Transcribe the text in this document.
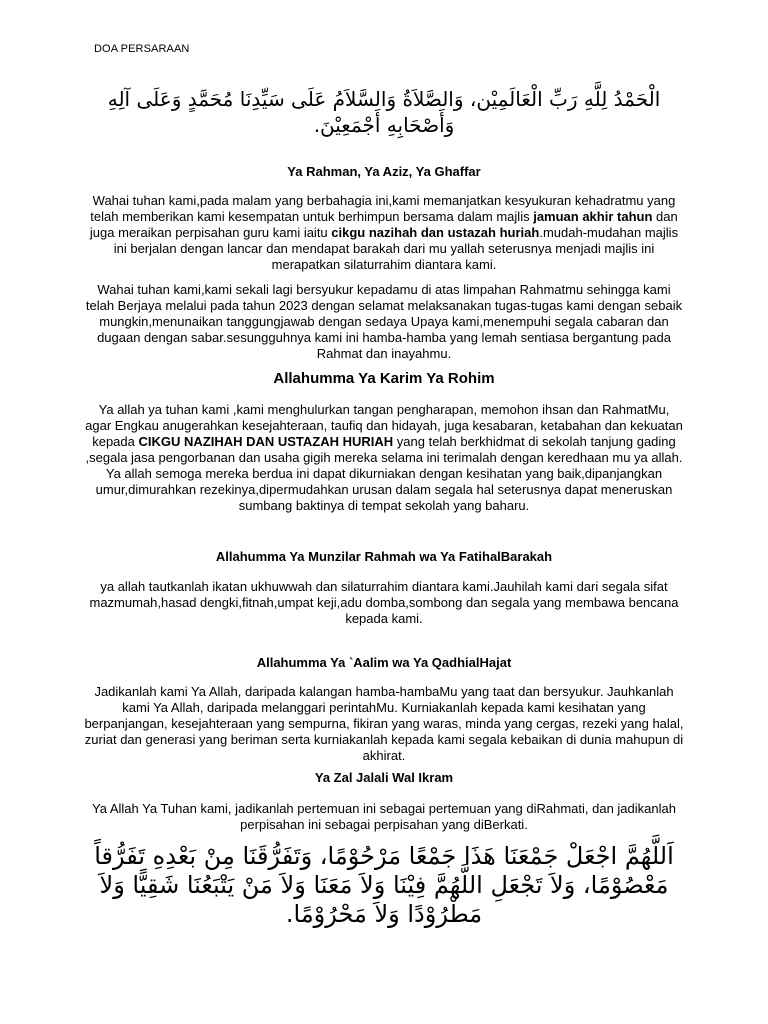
DOA PERSARAAN
الْحَمْدُ لِلَّهِ رَبِّ الْعَالَمِيْن، وَالصَّلاَةُ وَالسَّلاَمُ عَلَى سَيِّدِنَا مُحَمَّدٍ وَعَلَى آلِهِ وَأَصْحَابِهِ أَجْمَعِيْنَ.
Ya Rahman, Ya Aziz, Ya Ghaffar
Wahai tuhan kami,pada malam yang berbahagia ini,kami memanjatkan kesyukuran kehadratmu yang telah memberikan kami kesempatan untuk berhimpun bersama dalam majlis jamuan akhir tahun dan juga meraikan perpisahan guru kami iaitu cikgu nazihah dan ustazah huriah.mudah-mudahan majlis ini berjalan dengan lancar dan mendapat barakah dari mu yallah seterusnya menjadi majlis ini merapatkan silaturrahim diantara kami.
Wahai tuhan kami,kami sekali lagi bersyukur kepadamu di atas limpahan Rahmatmu sehingga kami telah Berjaya melalui pada tahun 2023 dengan selamat melaksanakan tugas-tugas kami dengan sebaik mungkin,menunaikan tanggungjawab dengan sedaya Upaya kami,menempuhi segala cabaran dan dugaan dengan sabar.sesungguhnya kami ini hamba-hamba yang lemah sentiasa bergantung pada Rahmat dan inayahmu.
Allahumma Ya Karim Ya Rohim
Ya allah ya tuhan kami ,kami menghulurkan tangan pengharapan, memohon ihsan dan RahmatMu, agar Engkau anugerahkan kesejahteraan, taufiq dan hidayah, juga kesabaran, ketabahan dan kekuatan kepada CIKGU NAZIHAH DAN USTAZAH HURIAH yang telah berkhidmat di sekolah tanjung gading ,segala jasa pengorbanan dan usaha gigih mereka selama ini terimalah dengan keredhaan mu ya allah. Ya allah semoga mereka berdua ini dapat dikurniakan dengan kesihatan yang baik,dipanjangkan umur,dimurahkan rezekinya,dipermudahkan urusan dalam segala hal seterusnya dapat meneruskan sumbang baktinya di tempat sekolah yang baharu.
Allahumma Ya Munzilar Rahmah wa Ya FatihalBarakah
ya allah tautkanlah ikatan ukhuwwah dan silaturrahim diantara kami.Jauhilah kami dari segala sifat mazmumah,hasad dengki,fitnah,umpat keji,adu domba,sombong dan segala yang membawa bencana kepada kami.
Allahumma Ya `Aalim wa Ya QadhialHajat
Jadikanlah kami Ya Allah, daripada kalangan hamba-hambaMu yang taat dan bersyukur. Jauhkanlah kami Ya Allah, daripada melanggari perintahMu. Kurniakanlah kepada kami kesihatan yang berpanjangan, kesejahteraan yang sempurna, fikiran yang waras, minda yang cergas, rezeki yang halal, zuriat dan generasi yang beriman serta kurniakanlah kepada kami segala kebaikan di dunia mahupun di akhirat.
Ya Zal Jalali Wal Ikram
Ya Allah Ya Tuhan kami, jadikanlah pertemuan ini sebagai pertemuan yang diRahmati, dan jadikanlah perpisahan ini sebagai perpisahan yang diBerkati.
اَللَّهُمَّ اجْعَلْ جَمْعَنَا هَذَا جَمْعًا مَرْحُوْمًا، وَتَفَرُّقَنَا مِنْ بَعْدِهِ تَفَرُّقاً مَعْصُوْمًا، وَلاَ تَجْعَلِ اللَّهُمَّ فِيْنَا وَلاَ مَعَنَا وَلاَ مَنْ يَتْبَعُنَا شَقِيًّا وَلاَ مَطْرُوْدًا وَلاَ مَحْرُوْمًا.
